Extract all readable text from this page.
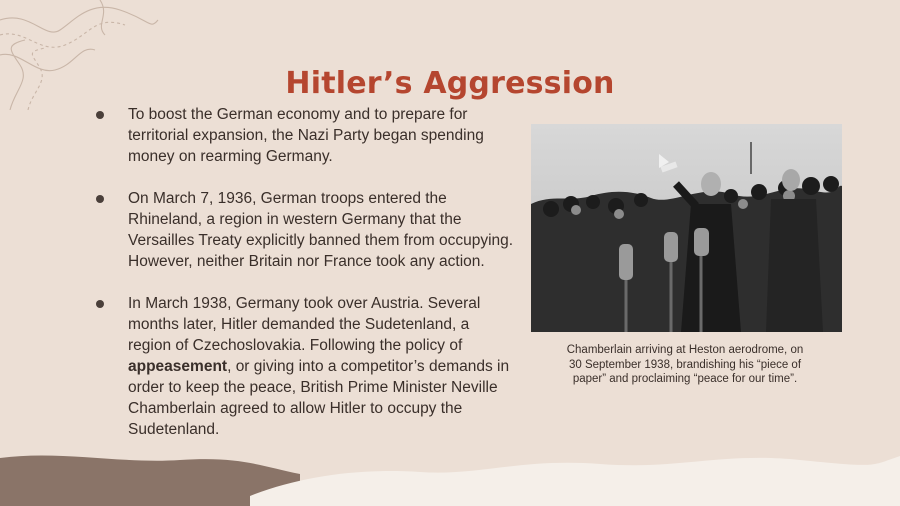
Hitler’s Aggression
To boost the German economy and to prepare for territorial expansion, the Nazi Party began spending money on rearming Germany.
On March 7, 1936, German troops entered the Rhineland, a region in western Germany that the Versailles Treaty explicitly banned them from occupying. However, neither Britain nor France took any action.
In March 1938, Germany took over Austria. Several months later, Hitler demanded the Sudetenland, a region of Czechoslovakia. Following the policy of appeasement, or giving into a competitor’s demands in order to keep the peace, British Prime Minister Neville Chamberlain agreed to allow Hitler to occupy the Sudetenland.
Chamberlain arriving at Heston aerodrome, on 30 September 1938, brandishing his “piece of paper” and proclaiming “peace for our time”.
